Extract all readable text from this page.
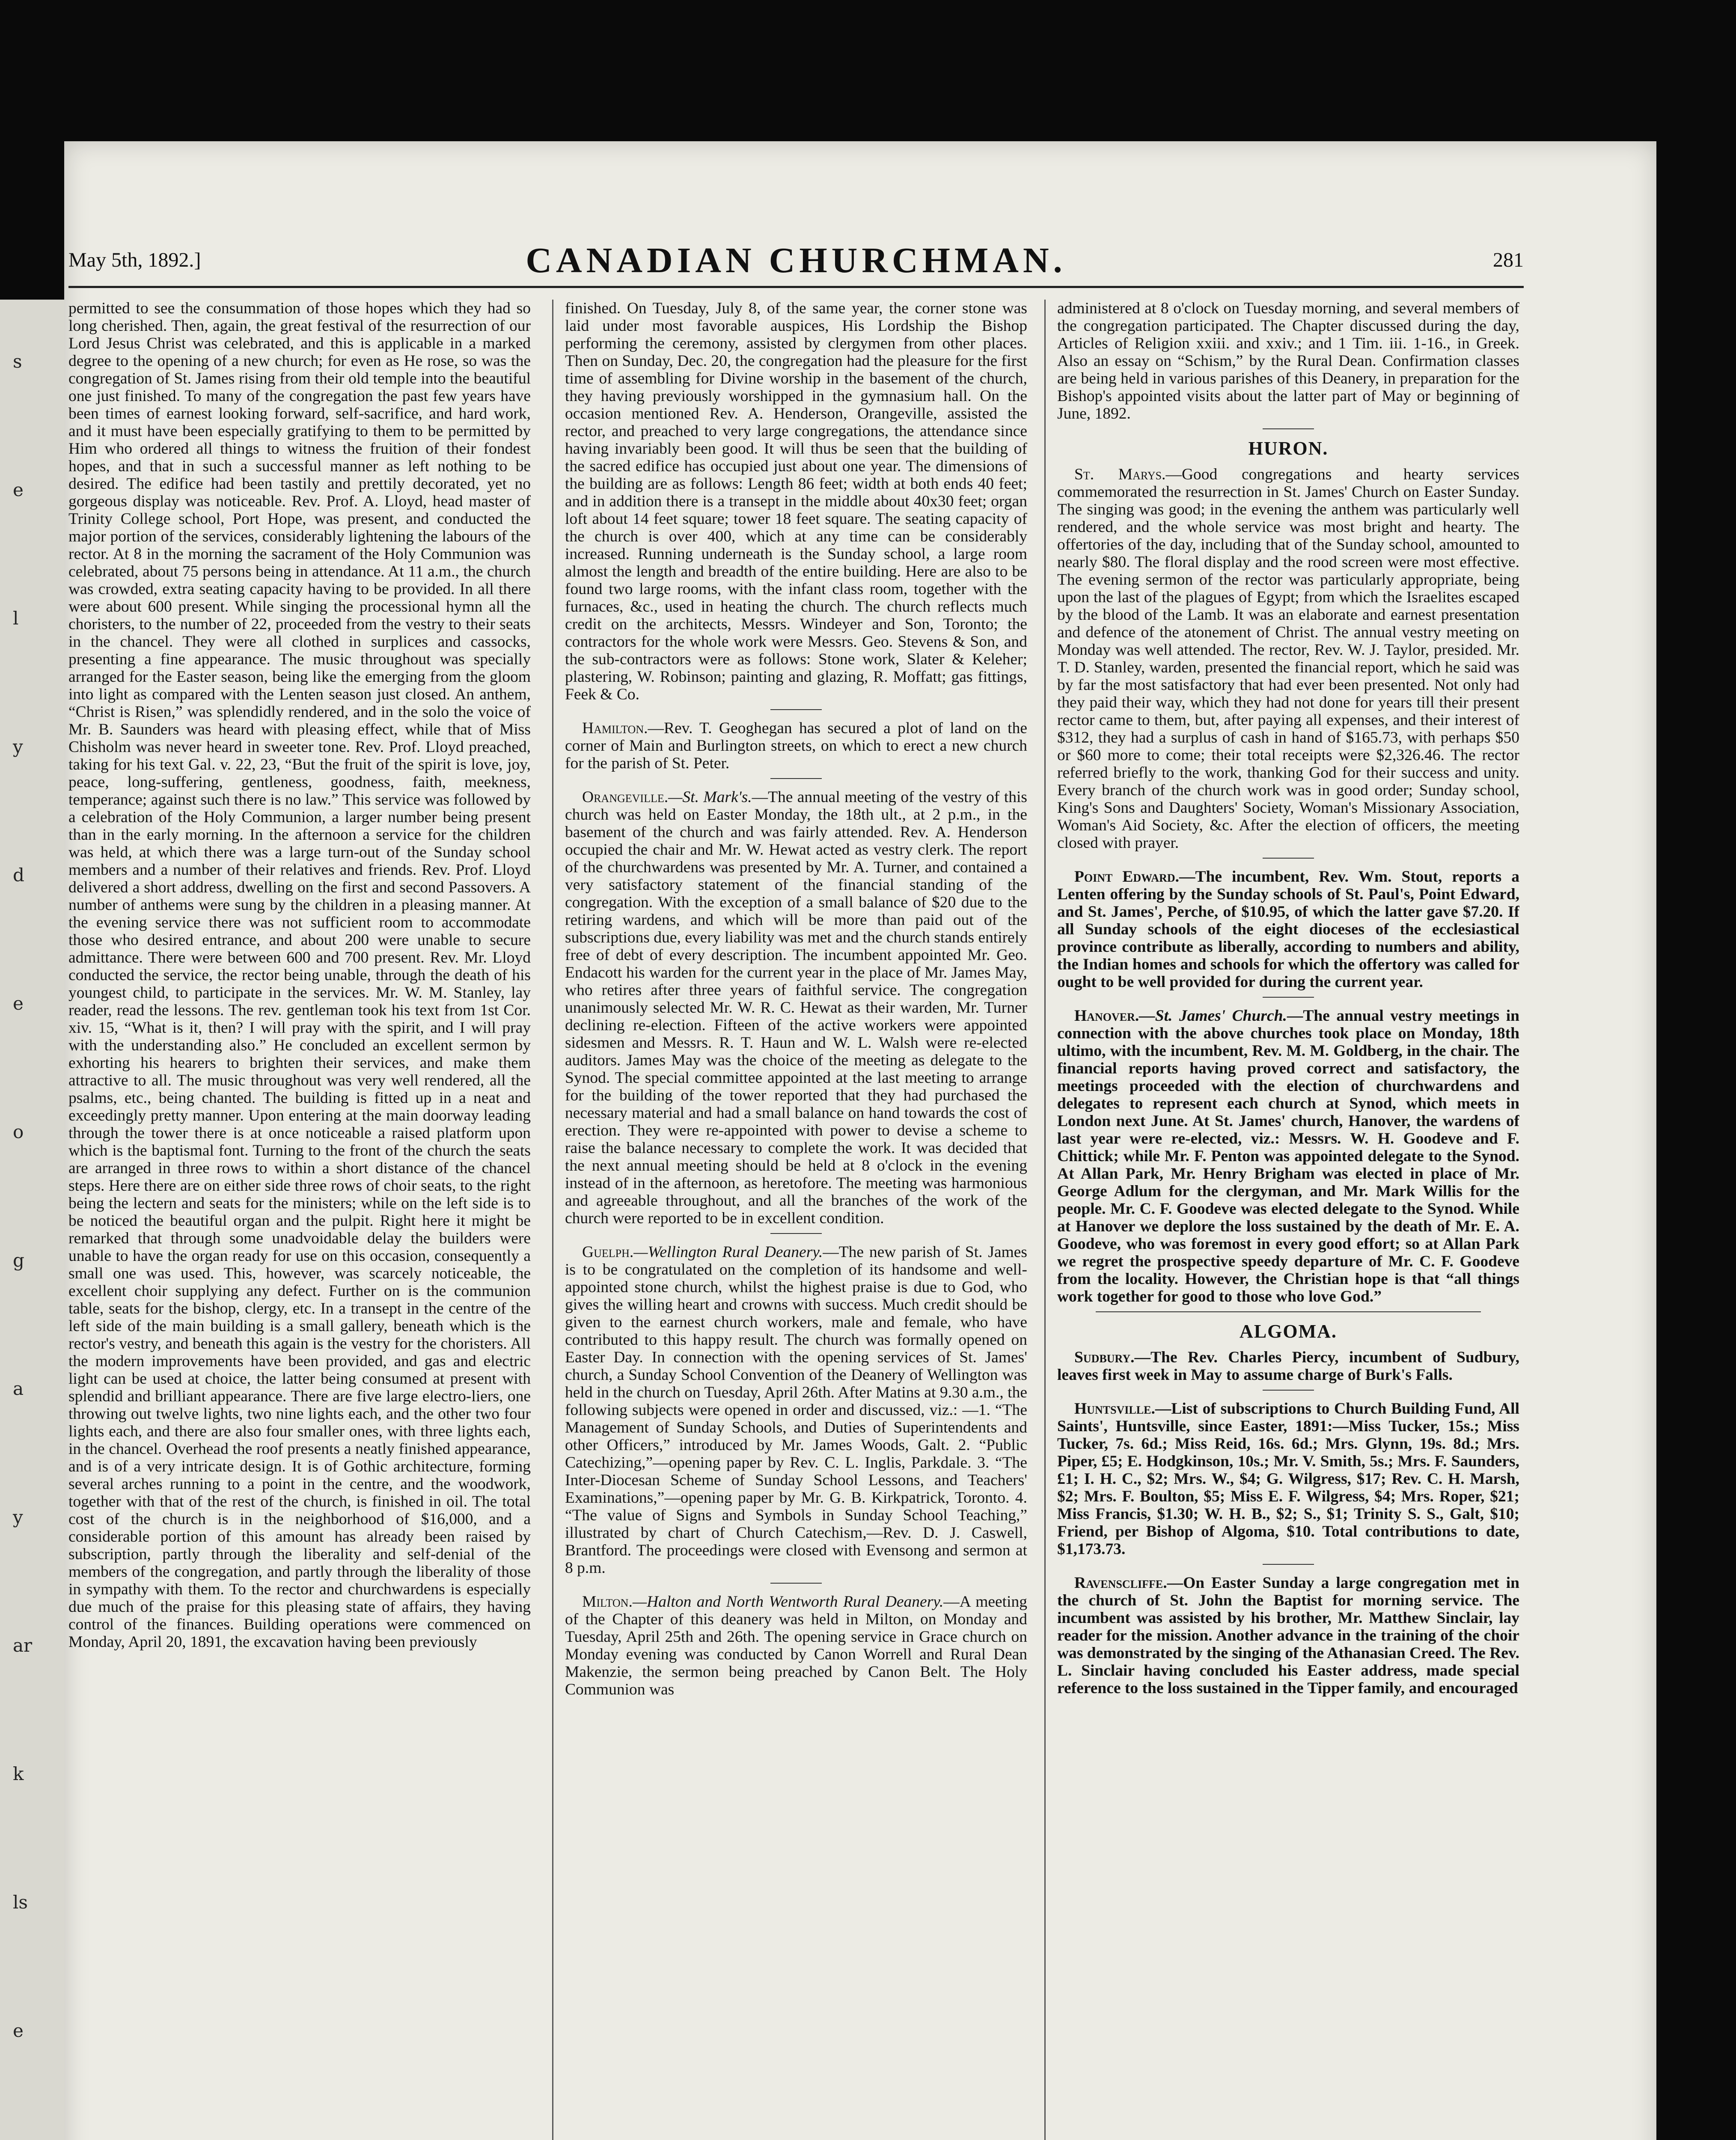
s
e
l
y
d
e
o
g
a
y
ar
k
ls
e
May 5th, 1892.]	CANADIAN CHURCHMAN.	281

permitted to see the consummation of those hopes which they had so long cherished. Then, again, the great festival of the resurrection of our Lord Jesus Christ was celebrated, and this is applicable in a marked degree to the opening of a new church; for even as He rose, so was the congregation of St. James rising from their old temple into the beautiful one just finished. To many of the congregation the past few years have been times of earnest looking forward, self-sacrifice, and hard work, and it must have been especially gratifying to them to be permitted by Him who ordered all things to witness the fruition of their fondest hopes, and that in such a successful manner as left nothing to be desired. The edifice had been tastily and prettily decorated, yet no gorgeous display was noticeable. Rev. Prof. A. Lloyd, head master of Trinity College school, Port Hope, was present, and conducted the major portion of the services, considerably lightening the labours of the rector. At 8 in the morning the sacrament of the Holy Communion was celebrated, about 75 persons being in attendance. At 11 a.m., the church was crowded, extra seating capacity having to be provided. In all there were about 600 present. While singing the processional hymn all the choristers, to the number of 22, proceeded from the vestry to their seats in the chancel. They were all clothed in surplices and cassocks, presenting a fine appearance. The music throughout was specially arranged for the Easter season, being like the emerging from the gloom into light as compared with the Lenten season just closed. An anthem, “Christ is Risen,” was splendidly rendered, and in the solo the voice of Mr. B. Saunders was heard with pleasing effect, while that of Miss Chisholm was never heard in sweeter tone. Rev. Prof. Lloyd preached, taking for his text Gal. v. 22, 23, “But the fruit of the spirit is love, joy, peace, long-suffering, gentleness, goodness, faith, meekness, temperance; against such there is no law.” This service was followed by a celebration of the Holy Communion, a larger number being present than in the early morning. In the afternoon a service for the children was held, at which there was a large turn-out of the Sunday school members and a number of their relatives and friends. Rev. Prof. Lloyd delivered a short address, dwelling on the first and second Passovers. A number of anthems were sung by the children in a pleasing manner. At the evening service there was not sufficient room to accommodate those who desired entrance, and about 200 were unable to secure admittance. There were between 600 and 700 present. Rev. Mr. Lloyd conducted the service, the rector being unable, through the death of his youngest child, to participate in the services. Mr. W. M. Stanley, lay reader, read the lessons. The rev. gentleman took his text from 1st Cor. xiv. 15, “What is it, then? I will pray with the spirit, and I will pray with the understanding also.” He concluded an excellent sermon by exhorting his hearers to brighten their services, and make them attractive to all. The music throughout was very well rendered, all the psalms, etc., being chanted. The building is fitted up in a neat and exceedingly pretty manner. Upon entering at the main doorway leading through the tower there is at once noticeable a raised platform upon which is the baptismal font. Turning to the front of the church the seats are arranged in three rows to within a short distance of the chancel steps. Here there are on either side three rows of choir seats, to the right being the lectern and seats for the ministers; while on the left side is to be noticed the beautiful organ and the pulpit. Right here it might be remarked that through some unadvoidable delay the builders were unable to have the organ ready for use on this occasion, consequently a small one was used. This, however, was scarcely noticeable, the excellent choir supplying any defect. Further on is the communion table, seats for the bishop, clergy, etc. In a transept in the centre of the left side of the main building is a small gallery, beneath which is the rector's vestry, and beneath this again is the vestry for the choristers. All the modern improvements have been provided, and gas and electric light can be used at choice, the latter being consumed at present with splendid and brilliant appearance. There are five large electro-liers, one throwing out twelve lights, two nine lights each, and the other two four lights each, and there are also four smaller ones, with three lights each, in the chancel. Overhead the roof presents a neatly finished appearance, and is of a very intricate design. It is of Gothic architecture, forming several arches running to a point in the centre, and the woodwork, together with that of the rest of the church, is finished in oil. The total cost of the church is in the neighborhood of $16,000, and a considerable portion of this amount has already been raised by subscription, partly through the liberality and self-denial of the members of the congregation, and partly through the liberality of those in sympathy with them. To the rector and churchwardens is especially due much of the praise for this pleasing state of affairs, they having control of the finances. Building operations were commenced on Monday, April 20, 1891, the excavation having been previously

finished. On Tuesday, July 8, of the same year, the corner stone was laid under most favorable auspices, His Lordship the Bishop performing the ceremony, assisted by clergymen from other places. Then on Sunday, Dec. 20, the congregation had the pleasure for the first time of assembling for Divine worship in the basement of the church, they having previously worshipped in the gymnasium hall. On the occasion mentioned Rev. A. Henderson, Orangeville, assisted the rector, and preached to very large congregations, the attendance since having invariably been good. It will thus be seen that the building of the sacred edifice has occupied just about one year. The dimensions of the building are as follows: Length 86 feet; width at both ends 40 feet; and in addition there is a transept in the middle about 40x30 feet; organ loft about 14 feet square; tower 18 feet square. The seating capacity of the church is over 400, which at any time can be considerably increased. Running underneath is the Sunday school, a large room almost the length and breadth of the entire building. Here are also to be found two large rooms, with the infant class room, together with the furnaces, &c., used in heating the church. The church reflects much credit on the architects, Messrs. Windeyer and Son, Toronto; the contractors for the whole work were Messrs. Geo. Stevens & Son, and the sub-contractors were as follows: Stone work, Slater & Keleher; plastering, W. Robinson; painting and glazing, R. Moffatt; gas fittings, Feek & Co.

Hamilton.—Rev. T. Geoghegan has secured a plot of land on the corner of Main and Burlington streets, on which to erect a new church for the parish of St. Peter.

Orangeville.—St. Mark's.—The annual meeting of the vestry of this church was held on Easter Monday, the 18th ult., at 2 p.m., in the basement of the church and was fairly attended. Rev. A. Henderson occupied the chair and Mr. W. Hewat acted as vestry clerk. The report of the churchwardens was presented by Mr. A. Turner, and contained a very satisfactory statement of the financial standing of the congregation. With the exception of a small balance of $20 due to the retiring wardens, and which will be more than paid out of the subscriptions due, every liability was met and the church stands entirely free of debt of every description. The incumbent appointed Mr. Geo. Endacott his warden for the current year in the place of Mr. James May, who retires after three years of faithful service. The congregation unanimously selected Mr. W. R. C. Hewat as their warden, Mr. Turner declining re-election. Fifteen of the active workers were appointed sidesmen and Messrs. R. T. Haun and W. L. Walsh were re-elected auditors. James May was the choice of the meeting as delegate to the Synod. The special committee appointed at the last meeting to arrange for the building of the tower reported that they had purchased the necessary material and had a small balance on hand towards the cost of erection. They were re-appointed with power to devise a scheme to raise the balance necessary to complete the work. It was decided that the next annual meeting should be held at 8 o'clock in the evening instead of in the afternoon, as heretofore. The meeting was harmonious and agreeable throughout, and all the branches of the work of the church were reported to be in excellent condition.

Guelph.—Wellington Rural Deanery.—The new parish of St. James is to be congratulated on the completion of its handsome and well-appointed stone church, whilst the highest praise is due to God, who gives the willing heart and crowns with success. Much credit should be given to the earnest church workers, male and female, who have contributed to this happy result. The church was formally opened on Easter Day. In connection with the opening services of St. James' church, a Sunday School Convention of the Deanery of Wellington was held in the church on Tuesday, April 26th. After Matins at 9.30 a.m., the following subjects were opened in order and discussed, viz.: —1. “The Management of Sunday Schools, and Duties of Superintendents and other Officers,” introduced by Mr. James Woods, Galt. 2. “Public Catechizing,”—opening paper by Rev. C. L. Inglis, Parkdale. 3. “The Inter-Diocesan Scheme of Sunday School Lessons, and Teachers' Examinations,”—opening paper by Mr. G. B. Kirkpatrick, Toronto. 4. “The value of Signs and Symbols in Sunday School Teaching,” illustrated by chart of Church Catechism,—Rev. D. J. Caswell, Brantford. The proceedings were closed with Evensong and sermon at 8 p.m.

Milton.—Halton and North Wentworth Rural Deanery.—A meeting of the Chapter of this deanery was held in Milton, on Monday and Tuesday, April 25th and 26th. The opening service in Grace church on Monday evening was conducted by Canon Worrell and Rural Dean Makenzie, the sermon being preached by Canon Belt. The Holy Communion was

administered at 8 o'clock on Tuesday morning, and several members of the congregation participated. The Chapter discussed during the day, Articles of Religion xxiii. and xxiv.; and 1 Tim. iii. 1-16., in Greek. Also an essay on “Schism,” by the Rural Dean. Confirmation classes are being held in various parishes of this Deanery, in preparation for the Bishop's appointed visits about the latter part of May or beginning of June, 1892.

HURON.

St. Marys.—Good congregations and hearty services commemorated the resurrection in St. James' Church on Easter Sunday. The singing was good; in the evening the anthem was particularly well rendered, and the whole service was most bright and hearty. The offertories of the day, including that of the Sunday school, amounted to nearly $80. The floral display and the rood screen were most effective. The evening sermon of the rector was particularly appropriate, being upon the last of the plagues of Egypt; from which the Israelites escaped by the blood of the Lamb. It was an elaborate and earnest presentation and defence of the atonement of Christ. The annual vestry meeting on Monday was well attended. The rector, Rev. W. J. Taylor, presided. Mr. T. D. Stanley, warden, presented the financial report, which he said was by far the most satisfactory that had ever been presented. Not only had they paid their way, which they had not done for years till their present rector came to them, but, after paying all expenses, and their interest of $312, they had a surplus of cash in hand of $165.73, with perhaps $50 or $60 more to come; their total receipts were $2,326.46. The rector referred briefly to the work, thanking God for their success and unity. Every branch of the church work was in good order; Sunday school, King's Sons and Daughters' Society, Woman's Missionary Association, Woman's Aid Society, &c. After the election of officers, the meeting closed with prayer.

Point Edward.—The incumbent, Rev. Wm. Stout, reports a Lenten offering by the Sunday schools of St. Paul's, Point Edward, and St. James', Perche, of $10.95, of which the latter gave $7.20. If all Sunday schools of the eight dioceses of the ecclesiastical province contribute as liberally, according to numbers and ability, the Indian homes and schools for which the offertory was called for ought to be well provided for during the current year.

Hanover.—St. James' Church.—The annual vestry meetings in connection with the above churches took place on Monday, 18th ultimo, with the incumbent, Rev. M. M. Goldberg, in the chair. The financial reports having proved correct and satisfactory, the meetings proceeded with the election of churchwardens and delegates to represent each church at Synod, which meets in London next June. At St. James' church, Hanover, the wardens of last year were re-elected, viz.: Messrs. W. H. Goodeve and F. Chittick; while Mr. F. Penton was appointed delegate to the Synod. At Allan Park, Mr. Henry Brigham was elected in place of Mr. George Adlum for the clergyman, and Mr. Mark Willis for the people. Mr. C. F. Goodeve was elected delegate to the Synod. While at Hanover we deplore the loss sustained by the death of Mr. E. A. Goodeve, who was foremost in every good effort; so at Allan Park we regret the prospective speedy departure of Mr. C. F. Goodeve from the locality. However, the Christian hope is that “all things work together for good to those who love God.”

ALGOMA.

Sudbury.—The Rev. Charles Piercy, incumbent of Sudbury, leaves first week in May to assume charge of Burk's Falls.

Huntsville.—List of subscriptions to Church Building Fund, All Saints', Huntsville, since Easter, 1891:—Miss Tucker, 15s.; Miss Tucker, 7s. 6d.; Miss Reid, 16s. 6d.; Mrs. Glynn, 19s. 8d.; Mrs. Piper, £5; E. Hodgkinson, 10s.; Mr. V. Smith, 5s.; Mrs. F. Saunders, £1; I. H. C., $2; Mrs. W., $4; G. Wilgress, $17; Rev. C. H. Marsh, $2; Mrs. F. Boulton, $5; Miss E. F. Wilgress, $4; Mrs. Roper, $21; Miss Francis, $1.30; W. H. B., $2; S., $1; Trinity S. S., Galt, $10; Friend, per Bishop of Algoma, $10. Total contributions to date, $1,173.73.

Ravenscliffe.—On Easter Sunday a large congregation met in the church of St. John the Baptist for morning service. The incumbent was assisted by his brother, Mr. Matthew Sinclair, lay reader for the mission. Another advance in the training of the choir was demonstrated by the singing of the Athanasian Creed. The Rev. L. Sinclair having concluded his Easter address, made special reference to the loss sustained in the Tipper family, and encouraged
